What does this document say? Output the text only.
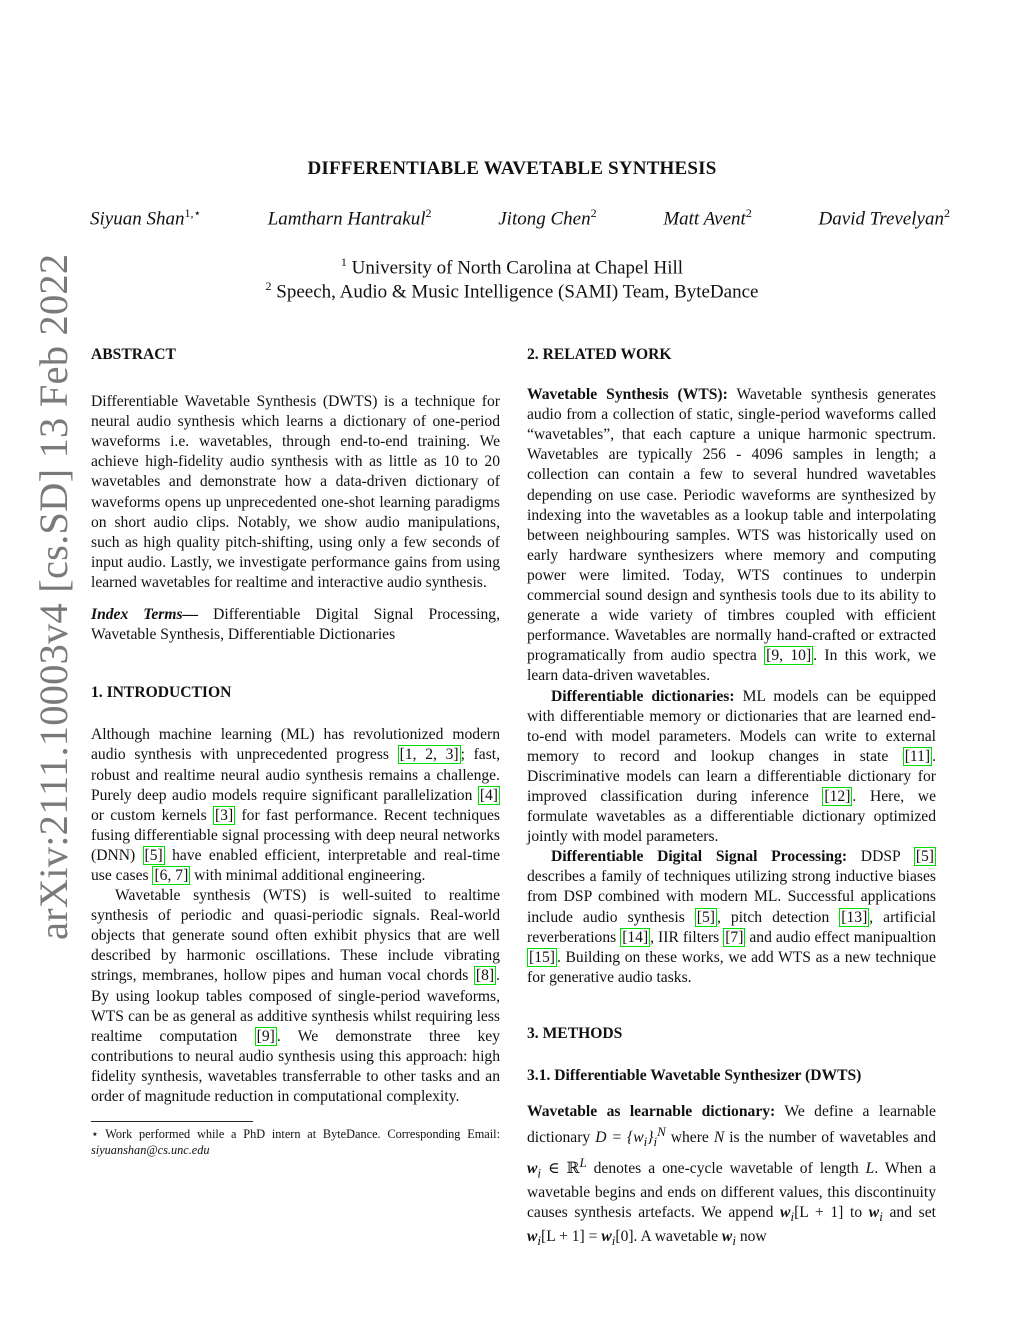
arXiv:2111.10003v4 [cs.SD] 13 Feb 2022
DIFFERENTIABLE WAVETABLE SYNTHESIS
Siyuan Shan$^{1,⋆}$	Lamtharn Hantrakul$^2$	Jitong Chen$^2$	Matt Avent$^2$	David Trevelyan$^2$
$^1$ University of North Carolina at Chapel Hill
$^2$ Speech, Audio & Music Intelligence (SAMI) Team, ByteDance

ABSTRACT

Differentiable Wavetable Synthesis (DWTS) is a technique for neural audio synthesis which learns a dictionary of one-period waveforms i.e. wavetables, through end-to-end training. We achieve high-fidelity audio synthesis with as little as 10 to 20 wavetables and demonstrate how a data-driven dictionary of waveforms opens up unprecedented one-shot learning paradigms on short audio clips. Notably, we show audio manipulations, such as high quality pitch-shifting, using only a few seconds of input audio. Lastly, we investigate performance gains from using learned wavetables for realtime and interactive audio synthesis.

Index Terms— Differentiable Digital Signal Processing, Wavetable Synthesis, Differentiable Dictionaries

1. INTRODUCTION

Although machine learning (ML) has revolutionized modern audio synthesis with unprecedented progress [1, 2, 3] ; fast, robust and realtime neural audio synthesis remains a challenge. Purely deep audio models require significant parallelization [4] or custom kernels [3] for fast performance. Recent techniques fusing differentiable signal processing with deep neural networks (DNN) [5] have enabled efficient, interpretable and real-time use cases [6, 7] with minimal additional engineering.

Wavetable synthesis (WTS) is well-suited to realtime synthesis of periodic and quasi-periodic signals. Real-world objects that generate sound often exhibit physics that are well described by harmonic oscillations. These include vibrating strings, membranes, hollow pipes and human vocal chords [8] . By using lookup tables composed of single-period waveforms, WTS can be as general as additive synthesis whilst requiring less realtime computation [9] . We demonstrate three key contributions to neural audio synthesis using this approach: high fidelity synthesis, wavetables transferrable to other tasks and an order of magnitude reduction in computational complexity.

⋆ Work performed while a PhD intern at ByteDance. Corresponding Email: siyuanshan@cs.unc.edu

2. RELATED WORK

Wavetable Synthesis (WTS): Wavetable synthesis generates audio from a collection of static, single-period waveforms called “wavetables”, that each capture a unique harmonic spectrum. Wavetables are typically 256 - 4096 samples in length; a collection can contain a few to several hundred wavetables depending on use case. Periodic waveforms are synthesized by indexing into the wavetables as a lookup table and interpolating between neighbouring samples. WTS was historically used on early hardware synthesizers where memory and computing power were limited. Today, WTS continues to underpin commercial sound design and synthesis tools due to its ability to generate a wide variety of timbres coupled with efficient performance. Wavetables are normally hand-crafted or extracted programatically from audio spectra [9, 10] . In this work, we learn data-driven wavetables.

Differentiable dictionaries: ML models can be equipped with differentiable memory or dictionaries that are learned end-to-end with model parameters. Models can write to external memory to record and lookup changes in state [11] . Discriminative models can learn a differentiable dictionary for improved classification during inference [12] . Here, we formulate wavetables as a differentiable dictionary optimized jointly with model parameters.

Differentiable Digital Signal Processing: DDSP [5] describes a family of techniques utilizing strong inductive biases from DSP combined with modern ML. Successful applications include audio synthesis [5] , pitch detection [13] , artificial reverberations [14] , IIR filters [7] and audio effect manipualtion [15] . Building on these works, we add WTS as a new technique for generative audio tasks.

3. METHODS

3.1. Differentiable Wavetable Synthesizer (DWTS)

Wavetable as learnable dictionary: We define a learnable dictionary $D = \{w_i\}_i^N$ where N is the number of wavetables and $w_i$ ∈ ℝ$^L$ denotes a one-cycle wavetable of length L. When a wavetable begins and ends on different values, this discontinuity causes synthesis artefacts. We append $w_i[L + 1]$ to $w_i$ and set $w_i[L + 1] = w_i[0]$. A wavetable $w_i$ now
